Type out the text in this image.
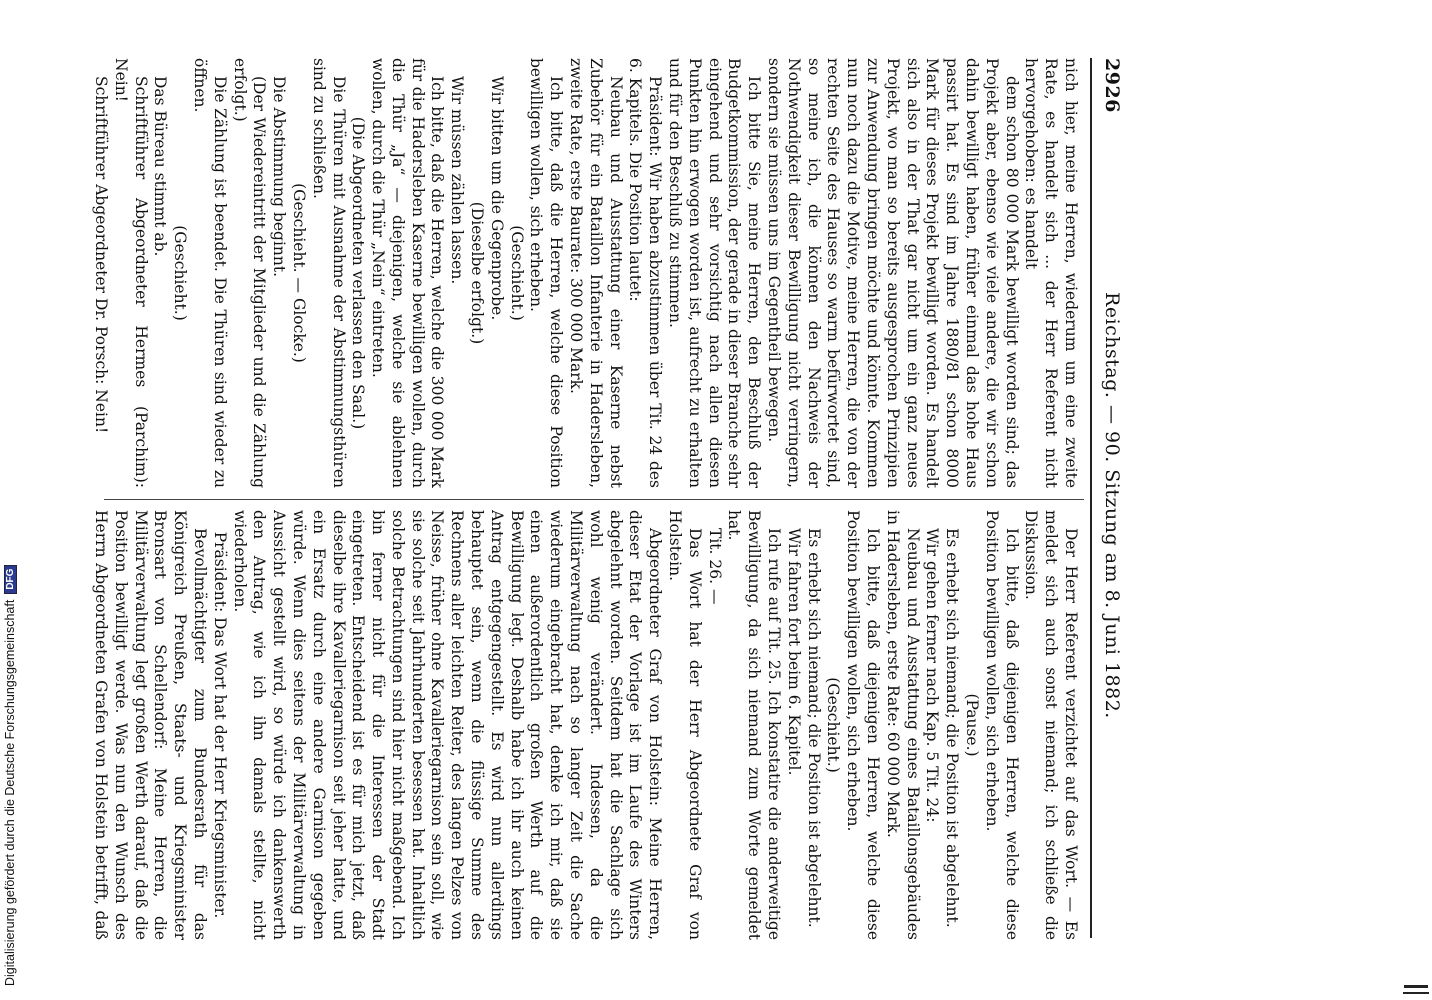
2926
Reichstag. — 90. Sitzung am 8. Juni 1882.

nich hier, meine Herren, wiederum um eine zweite Rate, es handelt sich ... der Herr Referent nicht hervorgehoben: es handelt

dem schon 80 000 Mark bewilligt worden sind; das Projekt aber, ebenso wie viele andere, die wir schon dahin bewilligt haben, früher einmal das hohe Haus passirt hat. Es sind im Jahre 1880/81 schon 8000 Mark für dieses Projekt bewilligt worden. Es handelt sich also in der That gar nicht um ein ganz neues Projekt, wo man so bereits ausgesprochen Prinzipien zur Anwendung bringen möchte und könnte. Kommen nun noch dazu die Motive, meine Herren, die von der rechten Seite des Hauses so warm befürwortet sind, so meine ich, die können den Nachweis der Nothwendigkeit dieser Bewilligung nicht verringern, sondern sie müssen uns im Gegentheil bewegen.

Ich bitte Sie, meine Herren, den Beschluß der Budgetkommission, der gerade in dieser Branche sehr eingehend und sehr vorsichtig nach allen diesen Punkten hin erwogen worden ist, aufrecht zu erhalten und für den Beschluß zu stimmen.

Präsident: Wir haben abzustimmen über Tit. 24 des 6. Kapitels. Die Position lautet:

Neubau und Ausstattung einer Kaserne nebst Zubehör für ein Bataillon Infanterie in Hadersleben, zweite Rate, erste Baurate: 300 000 Mark.

Ich bitte, daß die Herren, welche diese Position bewilligen wollen, sich erheben.

(Geschieht.)

Wir bitten um die Gegenprobe.

(Dieselbe erfolgt.)

Wir müssen zählen lassen.

Ich bitte, daß die Herren, welche die 300 000 Mark für die Hadersleben Kaserne bewilligen wollen, durch die Thür „Ja“ — diejenigen, welche sie ablehnen wollen, durch die Thür „Nein“ eintreten.

(Die Abgeordneten verlassen den Saal.)

Die Thüren mit Ausnahme der Abstimmungsthüren sind zu schließen.

(Geschieht. — Glocke.)

Die Abstimmung beginnt.

(Der Wiedereintritt der Mitglieder und die Zählung erfolgt.)

Die Zählung ist beendet. Die Thüren sind wieder zu öffnen.

(Geschieht.)

Das Büreau stimmt ab.

Schriftführer Abgeordneter Hermes (Parchim): Nein!

Schriftführer Abgeordneter Dr. Porsch: Nein!

Der Herr Referent verzichtet auf das Wort. — Es meldet sich auch sonst niemand; ich schließe die Diskussion.

Ich bitte, daß diejenigen Herren, welche diese Position bewilligen wollen, sich erheben.

(Pause.)

Es erhebt sich niemand; die Position ist abgelehnt.

Wir gehen ferner nach Kap. 5 Tit. 24:

Neubau und Ausstattung eines Bataillonsgebäudes in Hadersleben, erste Rate: 60 000 Mark.

Ich bitte, daß diejenigen Herren, welche diese Position bewilligen wollen, sich erheben.

(Geschieht.)

Es erhebt sich niemand; die Position ist abgelehnt.

Wir fahren fort beim 6. Kapitel.

Ich rufe auf Tit. 25. Ich konstatire die anderweitige Bewilligung, da sich niemand zum Worte gemeldet hat.

Tit. 26. —

Das Wort hat der Herr Abgeordnete Graf von Holstein.

Abgeordneter Graf von Holstein: Meine Herren, dieser Etat der Vorlage ist im Laufe des Winters abgelehnt worden. Seitdem hat die Sachlage sich wohl wenig verändert. Indessen, da die Militärverwaltung nach so langer Zeit die Sache wiederum eingebracht hat, denke ich mir, daß sie einen außerordentlich großen Werth auf die Bewilligung legt. Deshalb habe ich ihr auch keinen Antrag entgegengestellt. Es wird nun allerdings behauptet sein, wenn die flüssige Summe des Rechnens aller leichten Reiter, des langen Pelzes von Neisse, früher ohne Kavalleriegarnison sein soll, wie sie solche seit Jahrhunderten besessen hat. Inhaltlich solche Betrachtungen sind hier nicht maßgebend. Ich bin ferner nicht für die Interessen der Stadt eingetreten. Entscheidend ist es für mich jetzt, daß dieselbe ihre Kavalleriegarnison seit jeher hatte, und ein Ersatz durch eine andere Garnison gegeben würde. Wenn dies seitens der Militärverwaltung in Aussicht gestellt wird, so würde ich dankenswerth den Antrag, wie ich ihn damals stellte, nicht wiederholen.

Präsident: Das Wort hat der Herr Kriegsminister.

Bevollmächtigter zum Bundesrath für das Königreich Preußen, Staats- und Kriegsminister Bronsart von Schellendorf: Meine Herren, die Militärverwaltung legt großen Werth darauf, daß die Position bewilligt werde. Was nun den Wunsch des Herrn Abgeordneten Grafen von Holstein betrifft, daß

Digitalisierung gefördert durch die Deutsche ForschungsgemeinschaftDFG
